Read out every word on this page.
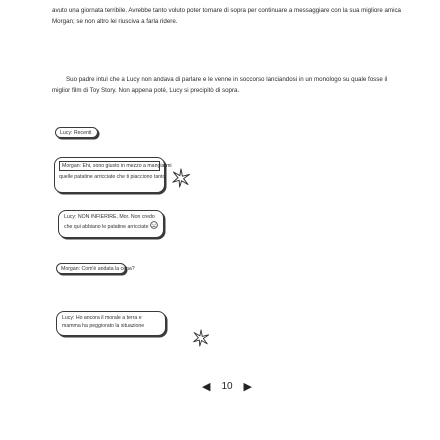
avuto una giornata terribile. Avrebbe tanto voluto poter tornare di sopra per continuare a messaggiare con la sua migliore amica Morgan; se non altro lei riusciva a farla ridere.

Suo padre intuì che a Lucy non andava di parlare e le venne in soccorso lanciandosi in un monologo su quale fosse il miglior film di Toy Story. Non appena poté, Lucy si precipitò di sopra.

Lucy: Recenti
Morgan: Ehi, sono giusto in mezzo a mangiarmi
quelle patatine arricciate che ti piacciono tanto
Lucy: NON INFIERIRE, Mor. Non credo
che qui abbiano le patatine arricciate
Morgan: Com'è andata la cena?
Lucy: Ho ancora il morale a terra e
mamma ha peggiorato la situazione
◀ 10 ▶
